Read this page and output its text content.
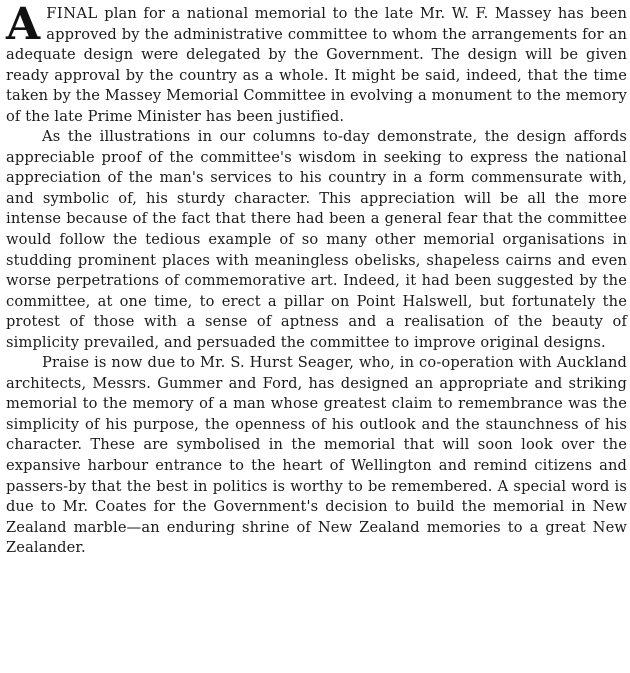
AFINAL plan for a national memorial to the late Mr. W. F. Massey has been approved by the administrative committee to whom the arrangements for an adequate design were delegated by the Government. The design will be given ready approval by the country as a whole. It might be said, indeed, that the time taken by the Massey Memorial Committee in evolving a monument to the memory of the late Prime Minister has been justified.

As the illustrations in our columns to-day demonstrate, the design affords appreciable proof of the committee's wisdom in seeking to express the national appreciation of the man's services to his country in a form commensurate with, and symbolic of, his sturdy character. This appreciation will be all the more intense because of the fact that there had been a general fear that the committee would follow the tedious example of so many other memorial organisations in studding prominent places with meaningless obelisks, shapeless cairns and even worse perpetrations of commemorative art. Indeed, it had been suggested by the committee, at one time, to erect a pillar on Point Halswell, but fortunately the protest of those with a sense of aptness and a realisation of the beauty of simplicity prevailed, and persuaded the committee to improve original designs.

Praise is now due to Mr. S. Hurst Seager, who, in co-operation with Auckland architects, Messrs. Gummer and Ford, has designed an appropriate and striking memorial to the memory of a man whose greatest claim to remembrance was the simplicity of his purpose, the openness of his outlook and the staunchness of his character. These are symbolised in the memorial that will soon look over the expansive harbour entrance to the heart of Wellington and remind citizens and passers-by that the best in politics is worthy to be remembered. A special word is due to Mr. Coates for the Government's decision to build the memorial in New Zealand marble—an enduring shrine of New Zealand memories to a great New Zealander.
